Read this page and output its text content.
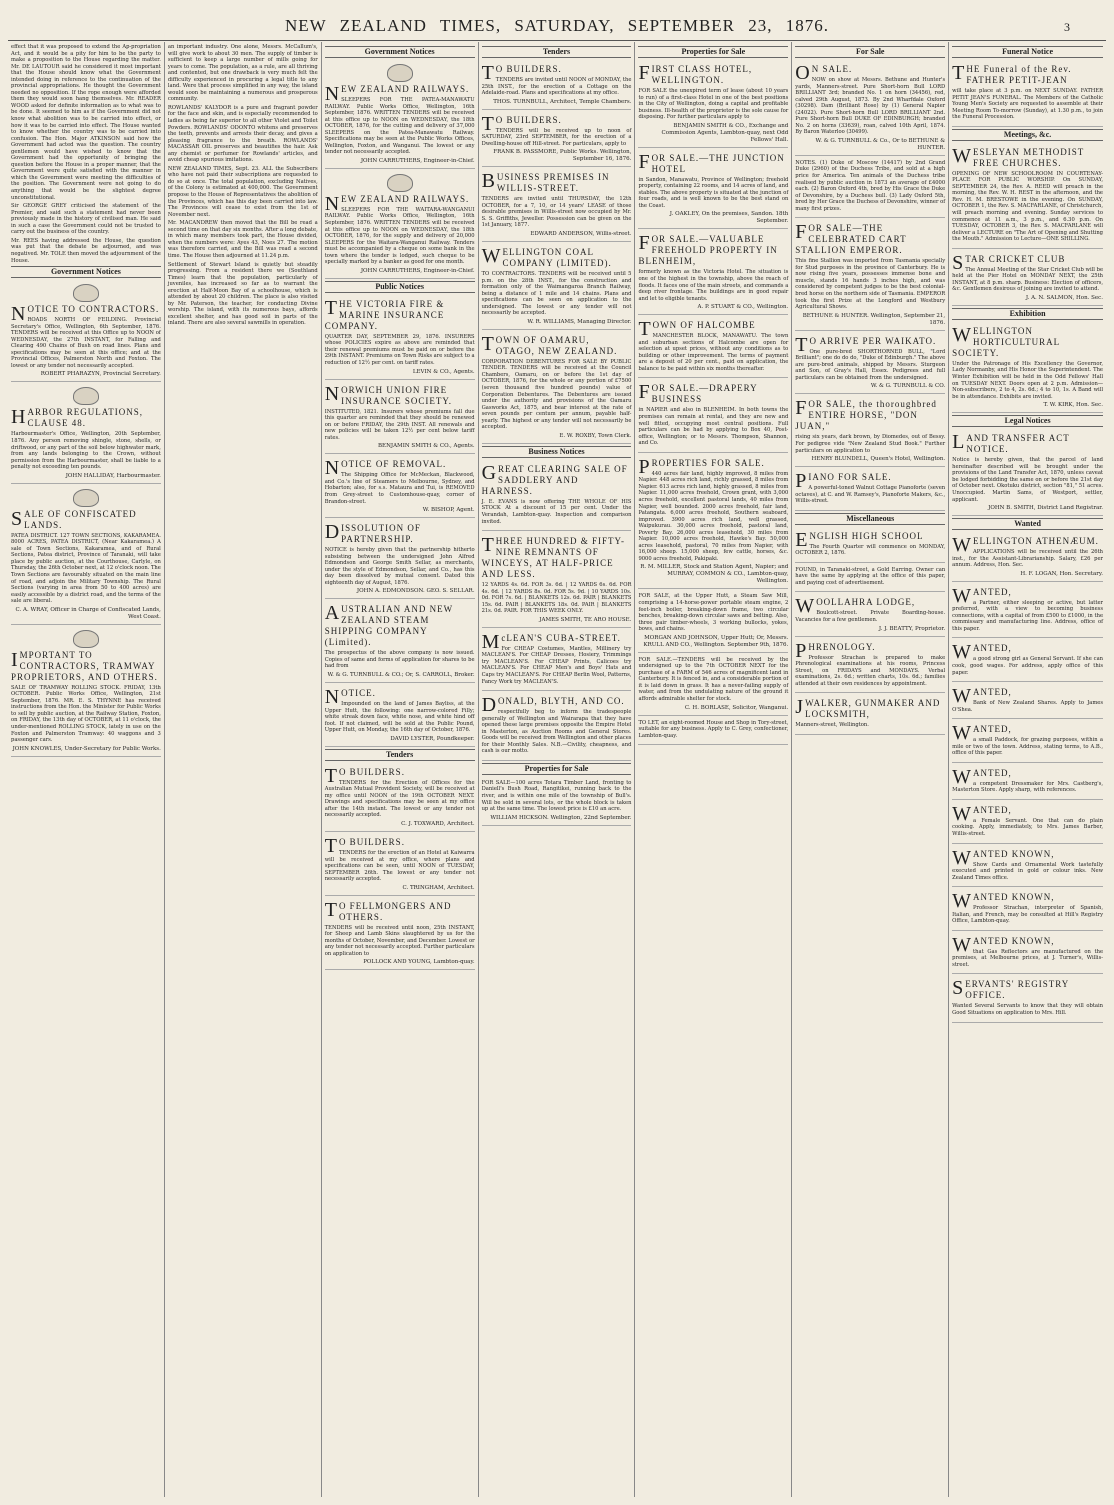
NEW ZEALAND TIMES, SATURDAY, SEPTEMBER 23, 1876.	3

effect that it was proposed to extend the Ap-propriation Act, and it would be a pity for him to be the party to make a proposition to the House regarding the matter. Mr. DE LAUTOUR said he considered it most important that the House should know what the Government intended doing in reference to the continuation of the provincial appropriations. He thought the Government needed no opposition. If the rope enough were afforded them they would soon hang themselves. Mr. READER WOOD asked for definite information as to what was to be done. It seemed to him as if the Government did not know what abolition was to be carried into effect, or how it was to be carried into effect. The House wanted to know whether the country was to be carried into confusion. The Hon. Major ATKINSON said how the Government had acted was the question. The country gentlemen would have wished to know that the Government had the opportunity of bringing the question before the House in a proper manner, that the Government were quite satisfied with the manner in which the Government were meeting the difficulties of the position. The Government were not going to do anything that would be the slightest degree unconstitutional.

Sir GEORGE GREY criticised the statement of the Premier, and said such a statement had never been previously made in the history of civilised man. He said in such a case the Government could not be trusted to carry out the business of the country.

Mr. REES having addressed the House, the question was put that the debate be adjourned, and was negatived. Mr. TOLE then moved the adjournment of the House.

Government Notices
N OTICE TO CONTRACTORS.

ROADS NORTH OF FEILDING. Provincial Secretary's Office, Wellington, 6th September, 1876. TENDERS will be received at this Office up to NOON of WEDNESDAY, the 27th INSTANT, for Falling and Clearing 490 Chains of Bush on road lines. Plans and specifications may be seen at this office; and at the Provincial Offices, Palmerston North and Foxton. The lowest or any tender not necessarily accepted.

ROBERT PHARAZYN, Provincial Secretary.
H ARBOR REGULATIONS, CLAUSE 48.

Harbourmaster's Office, Wellington, 20th September, 1876. Any person removing shingle, stone, shells, or driftwood, or any part of the soil below highwater mark, from any lands belonging to the Crown, without permission from the Harbourmaster, shall be liable to a penalty not exceeding ten pounds.

JOHN HALLIDAY, Harbourmaster.
S ALE OF CONFISCATED LANDS.

PATEA DISTRICT. 127 TOWN SECTIONS, KAKARAMEA. 8000 ACRES, PATEA DISTRICT, (Near Kakaramea.) A sale of Town Sections, Kakaramea, and of Rural Sections, Patea district, Province of Taranaki, will take place by public auction, at the Courthouse, Carlyle, on Thursday, the 26th October next, at 12 o'clock noon. The Town Sections are favourably situated on the main line of road, and adjoin the Military Township. The Rural Sections (varying in area from 50 to 400 acres) are easily accessible by a district road, and the terms of the sale are liberal.

C. A. WRAY, Officer in Charge of Confiscated Lands, West Coast.
I MPORTANT TO CONTRACTORS, TRAMWAY PROPRIETORS, AND OTHERS.

SALE OF TRAMWAY ROLLING STOCK. FRIDAY, 13th OCTOBER. Public Works Office, Wellington, 21st September, 1876. MR. E. S. THYNNE has received instructions from the Hon. the Minister for Public Works to sell by public auction, at the Railway Station, Foxton, on FRIDAY, the 13th day of OCTOBER, at 11 o'clock, the under-mentioned ROLLING STOCK, lately in use on the Foxton and Palmerston Tramway: 40 waggons and 3 passenger cars.

JOHN KNOWLES, Under-Secretary for Public Works.

an important industry. One alone, Messrs. McCallum's, will give work to about 30 men. The supply of timber is sufficient to keep a large number of mills going for years to come. The population, as a rule, are all thriving and contented, but one drawback is very much felt the difficulty experienced in procuring a legal title to any land. Were that process simplified in any way, the island would soon be maintaining a numerous and prosperous community.

ROWLANDS' KALYDOR is a pure and fragrant powder for the face and skin, and is especially recommended to ladies as being far superior to all other Violet and Toilet Powders. ROWLANDS' ODONTO whitens and preserves the teeth, prevents and arrests their decay, and gives a pleasing fragrance to the breath. ROWLANDS' MACASSAR OIL preserves and beautifies the hair. Ask any chemist or perfumer for Rowlands' articles, and avoid cheap spurious imitations.

NEW ZEALAND TIMES, Sept. 23. ALL the Subscribers who have not paid their subscriptions are requested to do so at once. The total population, excluding Natives, of the Colony is estimated at 400,000. The Government propose to the House of Representatives the abolition of the Provinces, which has this day been carried into law. The Provinces will cease to exist from the 1st of November next.

Mr. MACANDREW then moved that the Bill be read a second time on that day six months. After a long debate, in which many members took part, the House divided, when the numbers were: Ayes 43, Noes 27. The motion was therefore carried, and the Bill was read a second time. The House then adjourned at 11.24 p.m.

Settlement of Stewart Island is quietly but steadily progressing. From a resident there we (Southland Times) learn that the population, particularly of juveniles, has increased so far as to warrant the erection at Half-Moon Bay of a schoolhouse, which is attended by about 20 children. The place is also visited by Mr. Paterson, the teacher, for conducting Divine worship. The island, with its numerous bays, affords excellent shelter, and has good soil in parts of the inland. There are also several sawmills in operation.

Government Notices
N EW ZEALAND RAILWAYS.

SLEEPERS FOR THE PATEA-MANAWATU RAILWAY. Public Works Office, Wellington, 16th September, 1876. WRITTEN TENDERS will be received at this office up to NOON on WEDNESDAY, the 18th OCTOBER, 1876, for the cutting and delivery of 37,000 SLEEPERS on the Patea-Manawatu Railway. Specifications may be seen at the Public Works Offices, Wellington, Foxton, and Wanganui. The lowest or any tender not necessarily accepted.

JOHN CARRUTHERS, Engineer-in-Chief.
N EW ZEALAND RAILWAYS.

SLEEPERS FOR THE WAITARA-WANGANUI RAILWAY. Public Works Office, Wellington, 16th September, 1876. WRITTEN TENDERS will be received at this office up to NOON on WEDNESDAY, the 18th OCTOBER, 1876, for the supply and delivery of 20,000 SLEEPERS for the Waitara-Wanganui Railway. Tenders must be accompanied by a cheque on some bank in the town where the tender is lodged, such cheque to be specially marked by a banker as good for one month.

JOHN CARRUTHERS, Engineer-in-Chief.
Public Notices
T HE VICTORIA FIRE & MARINE INSURANCE COMPANY.

QUARTER DAY, SEPTEMBER 29, 1876. INSURERS whose POLICIES expire as above are reminded that their renewal premiums must be paid on or before the 29th INSTANT. Premiums on Town Risks are subject to a reduction of 12½ per cent. on tariff rates.

LEVIN & CO., Agents.
N ORWICH UNION FIRE INSURANCE SOCIETY.

INSTITUTED, 1821. Insurers whose premiums fall due this quarter are reminded that they should be renewed on or before FRIDAY, the 29th INST. All renewals and new policies will be taken 12½ per cent below tariff rates.

BENJAMIN SMITH & CO., Agents.
N OTICE OF REMOVAL.

The Shipping Office for McMeckan, Blackwood, and Co.'s line of Steamers to Melbourne, Sydney, and Hobarton; also, for s.s. Mataura and Tui, is REMOVED from Grey-street to Customhouse-quay, corner of Brandon-street.

W. BISHOP, Agent.
D ISSOLUTION OF PARTNERSHIP.

NOTICE is hereby given that the partnership hitherto subsisting between the undersigned John Alfred Edmondson and George Smith Sellar, as merchants, under the style of Edmondson, Sellar, and Co., has this day been dissolved by mutual consent. Dated this eighteenth day of August, 1876.

JOHN A. EDMONDSON. GEO. S. SELLAR.
A USTRALIAN AND NEW ZEALAND STEAM SHIPPING COMPANY (Limited).

The prospectus of the above company is now issued. Copies of same and forms of application for shares to be had from

W. & G. TURNBULL & CO.; Or, S. CARROLL, Broker.
N OTICE.

Impounded on the land of James Bayliss, at the Upper Hutt, the following: one narrow-colored Filly; white streak down face, white nose, and white hind off foot. If not claimed, will be sold at the Public Pound, Upper Hutt, on Monday, the 16th day of October, 1876.

DAVID LYSTER, Poundkeeper.
Tenders
T O BUILDERS.

TENDERS for the Erection of Offices for the Australian Mutual Provident Society, will be received at my office until NOON of the 19th OCTOBER NEXT. Drawings and specifications may be seen at my office after the 14th instant. The lowest or any tender not necessarily accepted.

C. J. TOXWARD, Architect.
T O BUILDERS.

TENDERS for the erection of an Hotel at Kaiwarra will be received at my office, where plans and specifications can be seen, until NOON of TUESDAY, SEPTEMBER 26th. The lowest or any tender not necessarily accepted.

C. TRINGHAM, Architect.
T O FELLMONGERS AND OTHERS.

TENDERS will be received until noon, 25th INSTANT, for Sheep and Lamb Skins slaughtered by us for the months of October, November, and December. Lowest or any tender not necessarily accepted. Further particulars on application to

POLLOCK AND YOUNG, Lambton-quay.
Tenders
T O BUILDERS.

TENDERS are invited until NOON of MONDAY, the 25th INST., for the erection of a Cottage on the Adelaide-road. Plans and specifications at my office.

THOS. TURNBULL, Architect, Temple Chambers.
T O BUILDERS.

TENDERS will be received up to noon of SATURDAY, 23rd SEPTEMBER, for the erection of a Dwelling-house off Hill-street. For particulars, apply to

FRANK B. PASSMORE, Public Works. Wellington, September 16, 1876.
B USINESS PREMISES IN WILLIS-STREET.

TENDERS are invited until THURSDAY, the 12th OCTOBER, for a 7, 10, or 14 years' LEASE of those desirable premises in Willis-street now occupied by Mr. S. S. Griffiths, Jeweller. Possession can be given on the 1st January, 1877.

EDWARD ANDERSON, Willis-street.
W ELLINGTON COAL COMPANY (LIMITED).

TO CONTRACTORS. TENDERS will be received until 5 p.m. on the 28th INST., for the construction and formation only of the Waimangaroa Branch Railway, being a distance of 1 mile and 14 chains. Plans and specifications can be seen on application to the undersigned. The lowest or any tender will not necessarily be accepted.

W. R. WILLIAMS, Managing Director.
T OWN OF OAMARU, OTAGO, NEW ZEALAND.

CORPORATION DEBENTURES FOR SALE BY PUBLIC TENDER. TENDERS will be received at the Council Chambers, Oamaru, on or before the 1st day of OCTOBER, 1876, for the whole or any portion of £7500 (seven thousand five hundred pounds) value of Corporation Debentures. The Debentures are issued under the authority and provisions of the Oamaru Gasworks Act, 1875, and bear interest at the rate of seven pounds per centum per annum, payable half-yearly. The highest or any tender will not necessarily be accepted.

E. W. ROXBY, Town Clerk.
Business Notices
G REAT CLEARING SALE OF SADDLERY AND HARNESS.

J. E. EVANS is now offering THE WHOLE OF HIS STOCK At a discount of 15 per cent. Under the Verandah, Lambton-quay. Inspection and comparison invited.

T HREE HUNDRED & FIFTY-NINE REMNANTS OF WINCEYS, AT HALF-PRICE AND LESS.

12 YARDS 4s. 6d. FOR 3s. 6d. | 12 YARDS 6s. 6d. FOR 4s. 6d. | 12 YARDS 8s. 0d. FOR 5s. 9d. | 10 YARDS 10s. 0d. FOR 7s. 6d. | BLANKETS 12s. 6d. PAIR | BLANKETS 15s. 6d. PAIR | BLANKETS 18s. 0d. PAIR | BLANKETS 21s. 0d. PAIR. FOR THIS WEEK ONLY.

JAMES SMITH, TE ARO HOUSE.
M cLEAN'S CUBA-STREET.

For CHEAP Costumes, Mantles, Millinery try MACLEAN'S. For CHEAP Dresses, Hosiery, Trimmings try MACLEAN'S. For CHEAP Prints, Calicoes try MACLEAN'S. For CHEAP Men's and Boys' Hats and Caps try MACLEAN'S. For CHEAP Berlin Wool, Patterns, Fancy Work try MACLEAN'S.

D ONALD, BLYTH, AND CO.

respectfully beg to inform the tradespeople generally of Wellington and Wairarapa that they have opened these large premises opposite the Empire Hotel in Masterton, as Auction Rooms and General Stores. Goods will be received from Wellington and other places for their Monthly Sales. N.B.—Civility, cheapness, and cash is our motto.

Properties for Sale

FOR SALE—100 acres Totara Timber Land, fronting to Daniell's Bush Road, Rangitikei, running back to the river, and is within one mile of the township of Bull's. Will be sold in several lots, or the whole block is taken up at the same time. The lowest price is £10 an acre.

WILLIAM HICKSON. Wellington, 22nd September.
Properties for Sale
F IRST CLASS HOTEL, WELLINGTON.

FOR SALE the unexpired term of lease (about 10 years to run) of a first-class Hotel in one of the best positions in the City of Wellington, doing a capital and profitable business. Ill-health of the proprietor is the sole cause for disposing. For further particulars apply to

BENJAMIN SMITH & CO., Exchange and Commission Agents, Lambton-quay, next Odd Fellows' Hall.
F OR SALE.—THE JUNCTION HOTEL

in Sandon, Manawatu, Province of Wellington; freehold property, containing 22 rooms, and 14 acres of land, and stables. The above property is situated at the junction of four roads, and is well known to be the best stand on the Coast.

J. OAKLEY, On the premises, Sandon. 18th September.
F OR SALE.—VALUABLE FREEHOLD PROPERTY IN BLENHEIM,

formerly known as the Victoria Hotel. The situation is one of the highest in the township, above the reach of floods. It faces one of the main streets, and commands a deep river frontage. The buildings are in good repair and let to eligible tenants.

A. P. STUART & CO., Wellington.
T OWN OF HALCOMBE

MANCHESTER BLOCK, MANAWATU. The town and suburban sections of Halcombe are open for selection at upset prices, without any conditions as to building or other improvement. The terms of payment are a deposit of 20 per cent., paid on application, the balance to be paid within six months thereafter.

F OR SALE.—DRAPERY BUSINESS

in NAPIER and also in BLENHEIM. In both towns the premises can remain at rental, and they are new and well fitted, occupying most central positions. Full particulars can be had by applying to Box 40, Post-office, Wellington; or to Messrs. Thompson, Shannon, and Co.

P ROPERTIES FOR SALE.

440 acres fair land, highly improved, 8 miles from Napier. 448 acres rich land, richly grassed, 8 miles from Napier. 613 acres rich land, highly grassed, 8 miles from Napier. 11,000 acres freehold, Crown grant, with 3,000 acres freehold, excellent pastoral lands, 40 miles from Napier, well bounded. 2000 acres freehold, fair land, Patangata. 6,000 acres freehold, Southern seaboard, improved. 3900 acres rich land, well grassed, Waipukurau. 30,000 acres freehold, pastoral land, Poverty Bay. 26,000 acres leasehold, 30 miles from Napier. 10,000 acres freehold, Hawke's Bay. 50,000 acres leasehold, pastoral, 70 miles from Napier, with 16,000 sheep. 15,000 sheep, few cattle, horses, &c. 9000 acres freehold, Pakipaki.

R. M. MILLER, Stock and Station Agent, Napier; and MURRAY, COMMON & CO., Lambton-quay, Wellington.

FOR SALE, at the Upper Hutt, a Steam Saw Mill, comprising a 14-horse-power portable steam engine, 2 feet-inch boiler, breaking-down frame, two circular benches, breaking-down circular saws and belting. Also, three pair timber-wheels, 3 working bullocks, yokes, bows, and chains.

MORGAN AND JOHNSON, Upper Hutt; Or, Messrs. KRULL AND CO., Wellington. September 9th, 1876.

FOR SALE.—TENDERS will be received by the undersigned up to the 7th OCTOBER NEXT for the purchase of a FARM of 546 acres of magnificent land in Canterbury. It is fenced in, and a considerable portion of it is laid down in grass. It has a never-failing supply of water, and from the undulating nature of the ground it affords admirable shelter for stock.

C. H. BORLASE, Solicitor, Wanganui.

TO LET, an eight-roomed House and Shop in Tory-street, suitable for any business. Apply to C. Grey, confectioner, Lambton-quay.

For Sale
O N SALE.

NOW on show at Messrs. Bethune and Hunter's yards, Manners-street. Pure Short-horn Bull LORD BRILLIANT 3rd; branded No. 1 on horn (34456), red, calved 29th August, 1873. By 2nd Wharfdale Oxford (30298). Dam (Brilliant Rose) by (1) General Napier (24022). Pure Short-horn Bull LORD BRILLIANT 2nd. Pure Short-horn Bull DUKE OF EDINBURGH; branded No. 2 on horns (33639), roan, calved 10th April, 1874. By Baron Waterloo (30499).

W. & G. TURNBULL & Co., Or to BETHUNE & HUNTER.

NOTES. (1) Duke of Moscow (14417) by 2nd Grand Duke (2960) of the Duchess Tribe, and sold at a high price for America. Ten animals of the Duchess tribe realised by public auction in 1873 an average of £4000 each. (2) Baron Oxford 4th, bred by His Grace the Duke of Devonshire, by a Duchess bull. (3) Lady Oxford 5th, bred by Her Grace the Duchess of Devonshire, winner of many first prizes.

F OR SALE—THE CELEBRATED CART STALLION EMPEROR.

This fine Stallion was imported from Tasmania specially for Stud purposes in the province of Canterbury. He is now rising five years, possesses immense bone and muscle, stands 16 hands 3 inches high, and was considered by competent judges to be the best colonial-bred horse on the northern side of Tasmania. EMPEROR took the first Prize at the Longford and Westbury Agricultural Shows.

BETHUNE & HUNTER. Wellington, September 21, 1876.
T O ARRIVE PER WAIKATO.

One pure-bred SHORTHORNED BULL, "Lord Brilliant"; one do do do, "Duke of Edinburgh." The above are pure-bred animals, shipped by Messrs. Sturgeon and Son, of Gray's Hall, Essex. Pedigrees and full particulars can be obtained from the undersigned.

W. & G. TURNBULL & CO.
F OR SALE, the thoroughbred ENTIRE HORSE, "DON JUAN,"

rising six years, dark brown, by Diomedes, out of Bessy. For pedigree vide "New Zealand Stud Book." Further particulars on application to

HENRY BLUNDELL, Queen's Hotel, Wellington.
P IANO FOR SALE.

A powerful-toned Walnut Cottage Pianoforte (seven octaves), at C. and W. Ramsey's, Pianoforte Makers, &c., Willis-street.

Miscellaneous
E NGLISH HIGH SCHOOL

The Fourth Quarter will commence on MONDAY, OCTOBER 2, 1876.

FOUND, in Taranaki-street, a Gold Earring. Owner can have the same by applying at the office of this paper, and paying cost of advertisement.

W OOLLAHRA LODGE,

Boulcott-street. Private Boarding-house. Vacancies for a few gentlemen.

J. J. BEATTY, Proprietor.
P HRENOLOGY.

Professor Strachan is prepared to make Phrenological examinations at his rooms, Princess Street, on FRIDAYS and MONDAYS. Verbal examinations, 2s. 6d.; written charts, 10s. 6d.; families attended at their own residences by appointment.

J WALKER, GUNMAKER AND LOCKSMITH,

Manners-street, Wellington.

Funeral Notice
T HE Funeral of the Rev. FATHER PETIT-JEAN

will take place at 3 p.m. on NEXT SUNDAY. FATHER PETIT JEAN'S FUNERAL. The Members of the Catholic Young Men's Society are requested to assemble at their Meeting Room To-morrow (Sunday), at 1.30 p.m., to join the Funeral Procession.

Meetings, &c.
W ESLEYAN METHODIST FREE CHURCHES.

OPENING OF NEW SCHOOLROOM IN COURTENAY-PLACE FOR PUBLIC WORSHIP. On SUNDAY, SEPTEMBER 24, the Rev. A. REED will preach in the morning, the Rev. W. H. REST in the afternoon, and the Rev. H. M. BRESTOWE in the evening. On SUNDAY, OCTOBER 1, the Rev. S. MACFARLANE, of Christchurch, will preach morning and evening. Sunday services to commence at 11 a.m., 3 p.m., and 6.30 p.m. On TUESDAY, OCTOBER 3, the Rev. S. MACFARLANE will deliver a LECTURE on "The Art of Opening and Shutting the Mouth." Admission to Lecture—ONE SHILLING.

S TAR CRICKET CLUB

The Annual Meeting of the Star Cricket Club will be held at the Pier Hotel on MONDAY NEXT, the 25th INSTANT, at 8 p.m. sharp. Business: Election of officers, &c. Gentlemen desirous of joining are invited to attend.

J. A. N. SALMON, Hon. Sec.
Exhibition
W ELLINGTON HORTICULTURAL SOCIETY.

Under the Patronage of His Excellency the Governor, Lady Normanby, and His Honor the Superintendent. The Winter Exhibition will be held in the Odd Fellows' Hall on TUESDAY NEXT. Doors open at 2 p.m. Admission—Non-subscribers, 2 to 4, 2s. 6d.; 4 to 10, 1s. A Band will be in attendance. Exhibits are invited.

T. W. KIRK, Hon. Sec.
Legal Notices
L AND TRANSFER ACT NOTICE.

Notice is hereby given, that the parcel of land hereinafter described will be brought under the provisions of the Land Transfer Act, 1870, unless caveat be lodged forbidding the same on or before the 21st day of October next. Okotuku district, section "81," 51 acres. Unoccupied. Martin Sams, of Westport, settler, applicant.

JOHN B. SMITH, District Land Registrar.
Wanted
W ELLINGTON ATHENÆUM.

APPLICATIONS will be received until the 26th inst., for the Assistant-Librarianship. Salary, £26 per annum. Address, Hon. Sec.

H. F. LOGAN, Hon. Secretary.
W ANTED,

a Partner, either sleeping or active, but latter preferred, with a view to becoming business connections, with a capital of from £500 to £1000, in the commissary and manufacturing line. Address, office of this paper.

W ANTED,

a good strong girl as General Servant. If she can cook, good wages. For address, apply office of this paper.

W ANTED,

Bank of New Zealand Shares. Apply to James O'Shea.

W ANTED,

a small Paddock, for grazing purposes, within a mile or two of the town. Address, stating terms, to A.B., office of this paper.

W ANTED,

a competent Dressmaker for Mrs. Castberg's, Masterton Store. Apply sharp, with references.

W ANTED,

a Female Servant. One that can do plain cooking. Apply, immediately, to Mrs. James Barber, Willis-street.

W ANTED KNOWN,

Show Cards and Ornamental Work tastefully executed and printed in gold or colour inks. New Zealand Times office.

W ANTED KNOWN,

Professor Strachan, interpreter of Spanish, Italian, and French, may be consulted at Hill's Registry Office, Lambton-quay.

W ANTED KNOWN,

that Gas Reflectors are manufactured on the premises, at Melbourne prices, at J. Turner's, Willis-street.

S ERVANTS' REGISTRY OFFICE.

Wanted Several Servants to know that they will obtain Good Situations on application to Mrs. Hill.
